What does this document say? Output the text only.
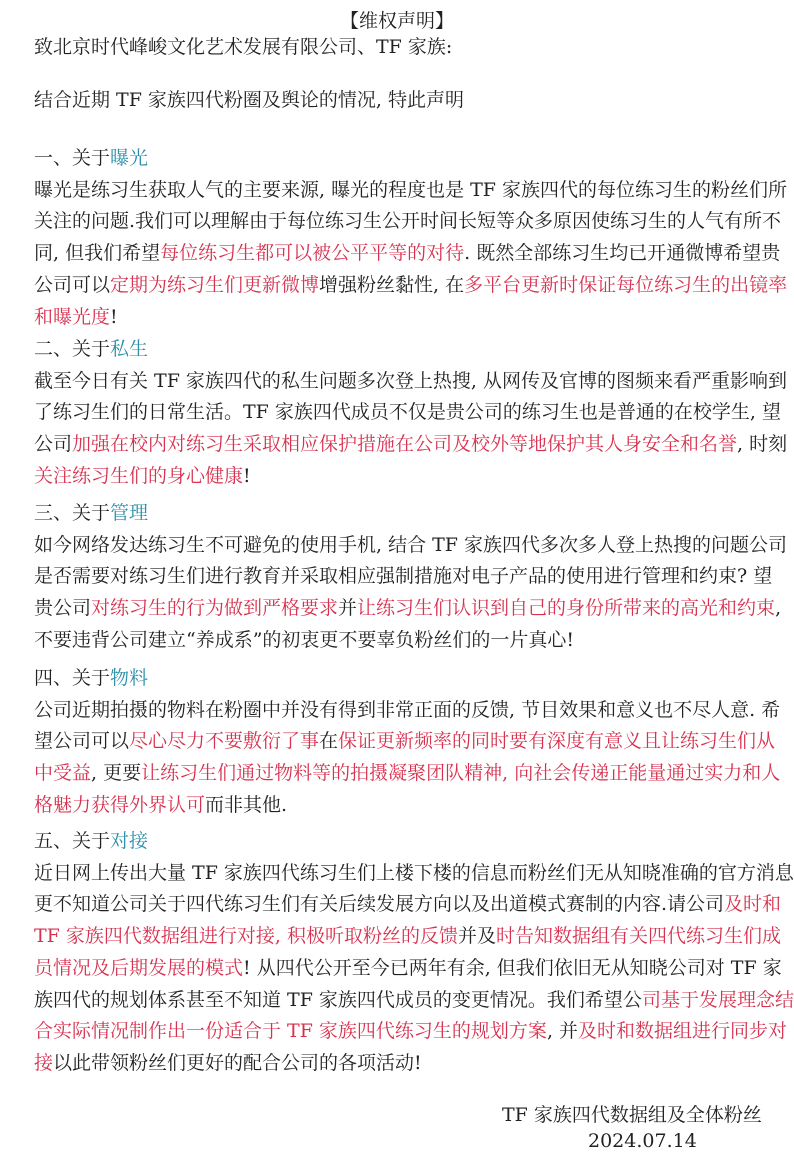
【维权声明】
致北京时代峰峻文化艺术发展有限公司、TF 家族:
结合近期 TF 家族四代粉圈及舆论的情况, 特此声明
一、关于曝光
曝光是练习生获取人气的主要来源, 曝光的程度也是 TF 家族四代的每位练习生的粉丝们所
关注的问题.我们可以理解由于每位练习生公开时间长短等众多原因使练习生的人气有所不
同, 但我们希望每位练习生都可以被公平平等的对待. 既然全部练习生均已开通微博希望贵
公司可以定期为练习生们更新微博增强粉丝黏性, 在多平台更新时保证每位练习生的出镜率
和曝光度!
二、关于私生
截至今日有关 TF 家族四代的私生问题多次登上热搜, 从网传及官博的图频来看严重影响到
了练习生们的日常生活。TF 家族四代成员不仅是贵公司的练习生也是普通的在校学生, 望
公司加强在校内对练习生采取相应保护措施在公司及校外等地保护其人身安全和名誉, 时刻
关注练习生们的身心健康!
三、关于管理
如今网络发达练习生不可避免的使用手机, 结合 TF 家族四代多次多人登上热搜的问题公司
是否需要对练习生们进行教育并采取相应强制措施对电子产品的使用进行管理和约束? 望
贵公司对练习生的行为做到严格要求并让练习生们认识到自己的身份所带来的高光和约束,
不要违背公司建立“养成系”的初衷更不要辜负粉丝们的一片真心!
四、关于物料
公司近期拍摄的物料在粉圈中并没有得到非常正面的反馈, 节目效果和意义也不尽人意. 希
望公司可以尽心尽力不要敷衍了事在保证更新频率的同时要有深度有意义且让练习生们从
中受益, 更要让练习生们通过物料等的拍摄凝聚团队精神, 向社会传递正能量通过实力和人
格魅力获得外界认可而非其他.
五、关于对接
近日网上传出大量 TF 家族四代练习生们上楼下楼的信息而粉丝们无从知晓准确的官方消息
更不知道公司关于四代练习生们有关后续发展方向以及出道模式赛制的内容.请公司及时和
TF 家族四代数据组进行对接, 积极听取粉丝的反馈并及时告知数据组有关四代练习生们成
员情况及后期发展的模式! 从四代公开至今已两年有余, 但我们依旧无从知晓公司对 TF 家
族四代的规划体系甚至不知道 TF 家族四代成员的变更情况。我们希望公司基于发展理念结
合实际情况制作出一份适合于 TF 家族四代练习生的规划方案, 并及时和数据组进行同步对
接以此带领粉丝们更好的配合公司的各项活动!
TF 家族四代数据组及全体粉丝
2024.07.14
